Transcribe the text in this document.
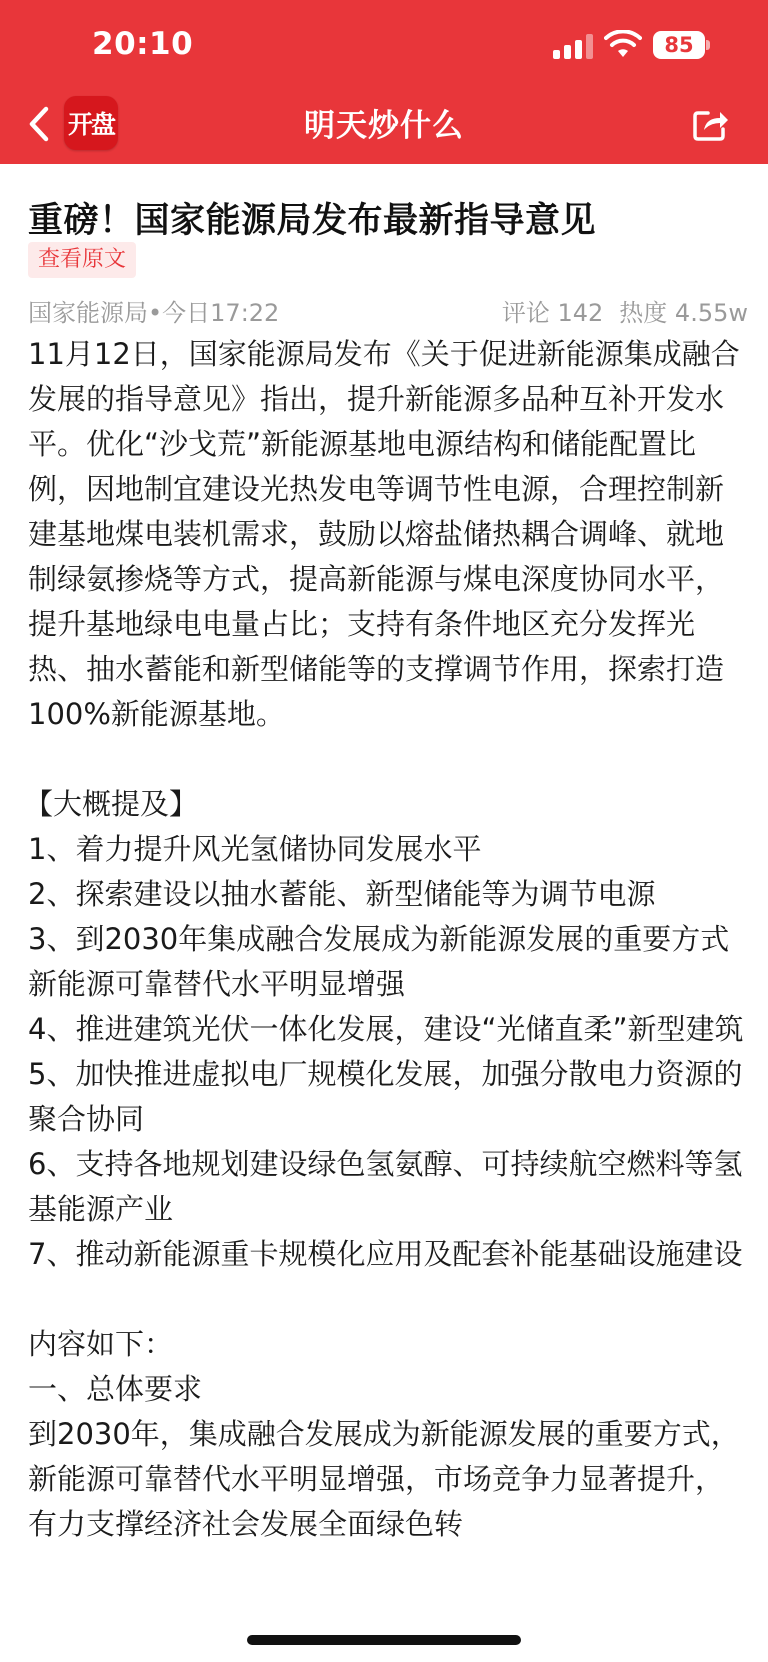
20:10	85
开盘	明天炒什么
重磅！国家能源局发布最新指导意见
查看原文
国家能源局•今日17:22	评论 142 热度 4.55w

11月12日，国家能源局发布《关于促进新能源集成融合发展的指导意见》指出，提升新能源多品种互补开发水平。优化“沙戈荒”新能源基地电源结构和储能配置比例，因地制宜建设光热发电等调节性电源，合理控制新建基地煤电装机需求，鼓励以熔盐储热耦合调峰、就地制绿氨掺烧等方式，提高新能源与煤电深度协同水平，提升基地绿电电量占比；支持有条件地区充分发挥光热、抽水蓄能和新型储能等的支撑调节作用，探索打造100%新能源基地。

【大概提及】

1、着力提升风光氢储协同发展水平

2、探索建设以抽水蓄能、新型储能等为调节电源

3、到2030年集成融合发展成为新能源发展的重要方式 新能源可靠替代水平明显增强

4、推进建筑光伏一体化发展，建设“光储直柔”新型建筑

5、加快推进虚拟电厂规模化发展，加强分散电力资源的聚合协同

6、支持各地规划建设绿色氢氨醇、可持续航空燃料等氢基能源产业

7、推动新能源重卡规模化应用及配套补能基础设施建设

内容如下：

一、总体要求

到2030年，集成融合发展成为新能源发展的重要方式，新能源可靠替代水平明显增强，市场竞争力显著提升，有力支撑经济社会发展全面绿色转
